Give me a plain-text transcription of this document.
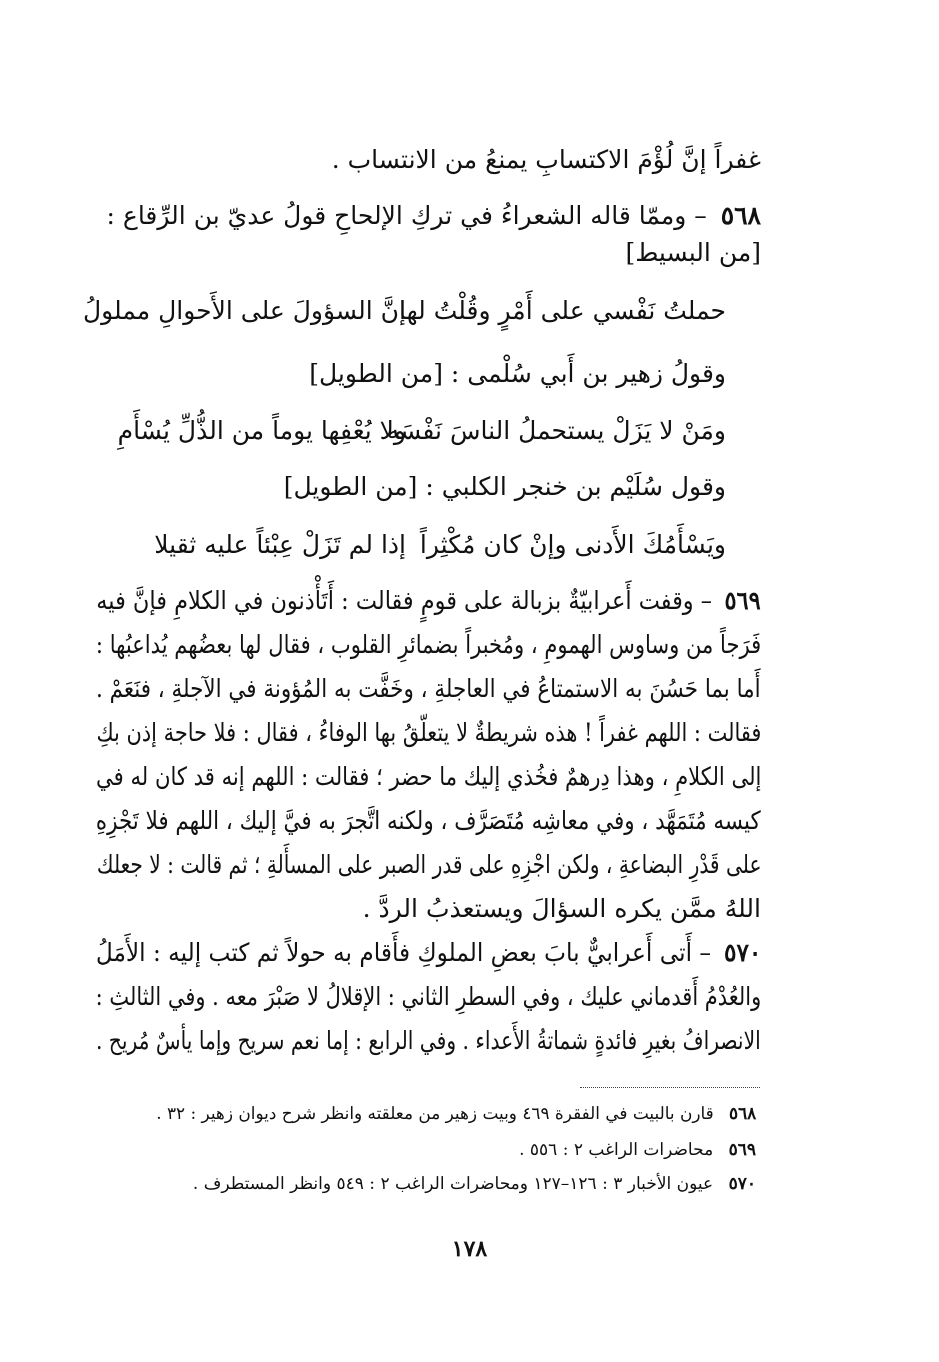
غفراً إنَّ لُؤْمَ الاكتسابِ يمنعُ من الانتساب .
٥٦٨ – وممّا قاله الشعراءُ في تركِ الإلحاحِ قولُ عديّ بن الرِّقاع :
[من البسيط]
حملتُ نَفْسي على أَمْرٍ وقُلْتُ لها
إنَّ السؤولَ على الأَحوالِ مملولُ
وقولُ زهير بن أَبي سُلْمى : [من الطويل]
ومَنْ لا يَزَلْ يستحملُ الناسَ نَفْسَه
ولا يُعْفِها يوماً من الذُّلِّ يُسْأَمِ
وقول سُلَيْم بن خنجر الكلبي : [من الطويل]
ويَسْأَمُكَ الأَدنى وإنْ كان مُكْثِراً
إذا لم تَزَلْ عِبْئاً عليه ثقيلا
٥٦٩ – وقفت أَعرابيّةٌ بزبالة على قومٍ فقالت : أَتَأْذنون في الكلامِ فإنَّ فيه
فَرَجاً من وساوس الهمومِ ، ومُخبراً بضمائرِ القلوب ، فقال لها بعضُهم يُداعبُها :
أَما بما حَسُنَ به الاستمتاعُ في العاجلةِ ، وخَفَّت به المُؤونة في الآجلةِ ، فنَعَمْ .
فقالت : اللهم غفراً ! هذه شريطةٌ لا يتعلّقُ بها الوفاءُ ، فقال : فلا حاجة إذن بكِ
إلى الكلامِ ، وهذا دِرهمٌ فخُذي إليك ما حضر ؛ فقالت : اللهم إنه قد كان له في
كيسه مُتَمَهَّد ، وفي معاشِه مُتَصَرَّف ، ولكنه اتَّجرَ به فيَّ إليك ، اللهم فلا تَجْزِهِ
على قَدْرِ البضاعةِ ، ولكن اجْزِهِ على قدر الصبر على المسأَلةِ ؛ ثم قالت : لا جعلك
اللهُ ممَّن يكره السؤالَ ويستعذبُ الردَّ .
٥٧٠ – أَتى أَعرابيٌّ بابَ بعضِ الملوكِ فأَقام به حولاً ثم كتب إليه : الأَمَلُ
والعُدْمُ أَقدماني عليك ، وفي السطرِ الثاني : الإقلالُ لا صَبْرَ معه . وفي الثالثِ :
الانصرافُ بغيرِ فائدةٍ شماتةُ الأَعداء . وفي الرابع : إما نعم سريح وإما يأسٌ مُريح .
٥٦٨ قارن بالبيت في الفقرة ٤٦٩ وبيت زهير من معلقته وانظر شرح ديوان زهير : ٣٢ .
٥٦٩ محاضرات الراغب ٢ : ٥٥٦ .
٥٧٠ عيون الأخبار ٣ : ١٢٦–١٢٧ ومحاضرات الراغب ٢ : ٥٤٩ وانظر المستطرف .
١٧٨
